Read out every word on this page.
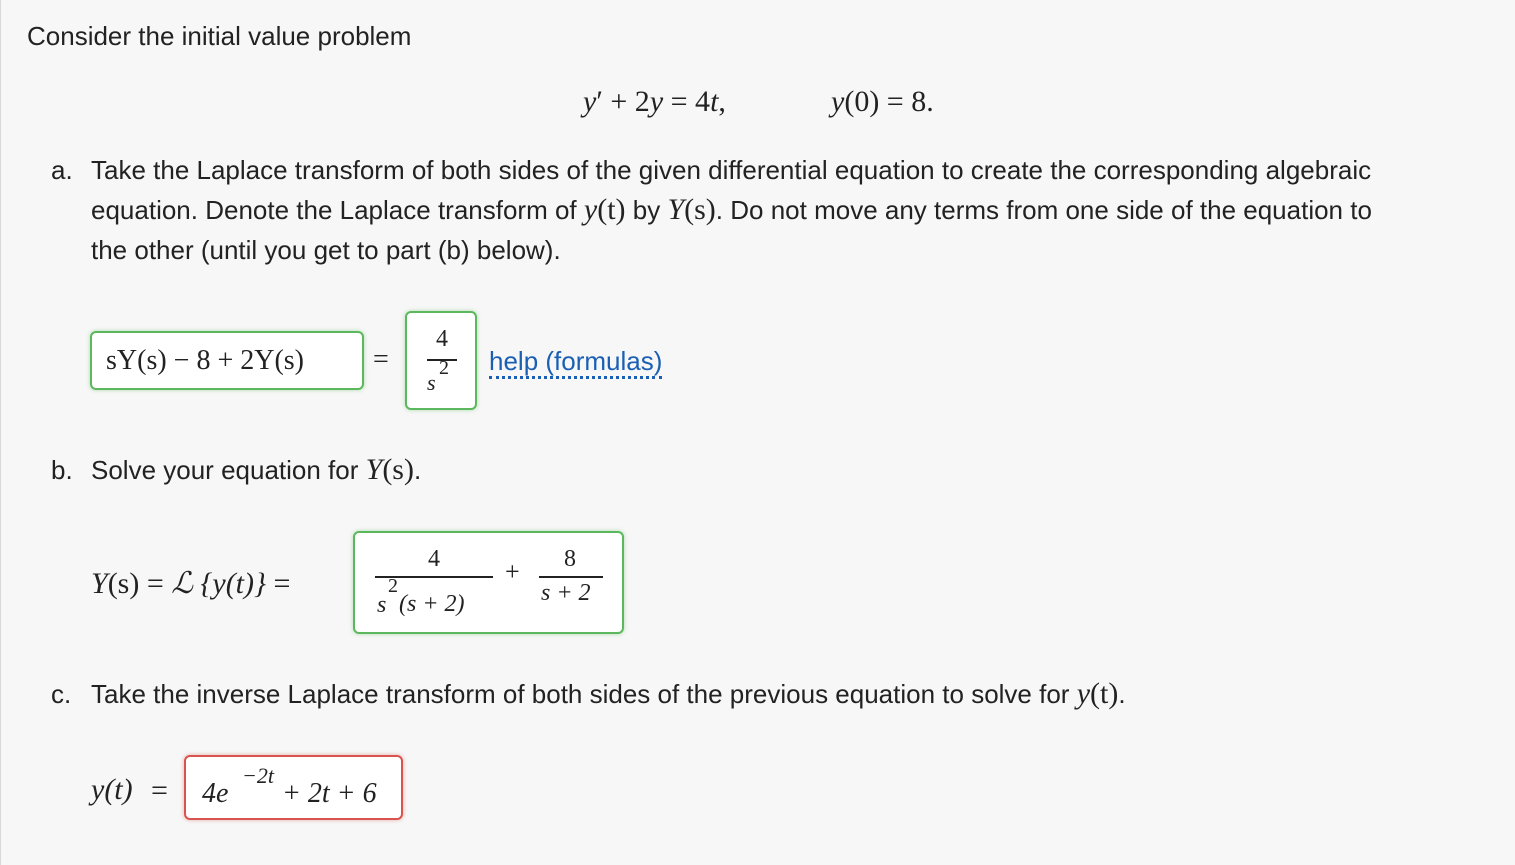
Consider the initial value problem
y′ + 2y = 4t,	y(0) = 8.
a. Take the Laplace transform of both sides of the given differential equation to create the corresponding algebraic
equation. Denote the Laplace transform of y(t) by Y(s). Do not move any terms from one side of the equation to
the other (until you get to part (b) below).
sY(s) − 8 + 2Y(s) =
4
s
2 help (formulas)
b. Solve your equation for Y(s).
Y(s) = ℒ {y(t)} =
4
s
2
(s + 2)
+	8
s + 2
c. Take the inverse Laplace transform of both sides of the previous equation to solve for y(t).
y(t) = 4e
−2t
+ 2t + 6
